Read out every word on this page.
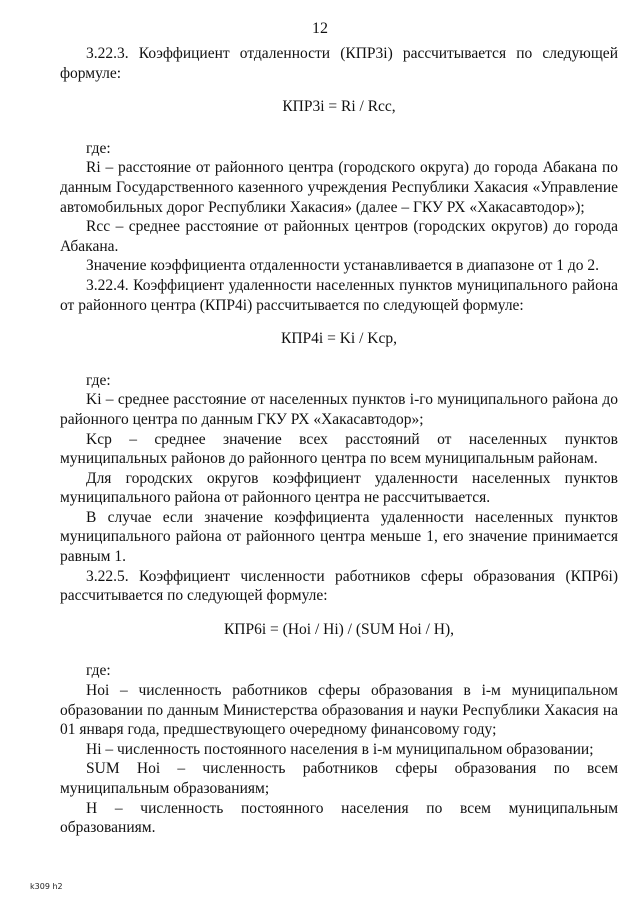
12

3.22.3. Коэффициент отдаленности (КПР3i) рассчитывается по следующей формуле:

КПР3i = Ri / Rcc,

где:

Ri – расстояние от районного центра (городского округа) до города Абакана по данным Государственного казенного учреждения Республики Хакасия «Управление автомобильных дорог Республики Хакасия» (далее – ГКУ РХ «Хакасавтодор»);

Rcc – среднее расстояние от районных центров (городских округов) до города Абакана.

Значение коэффициента отдаленности устанавливается в диапазоне от 1 до 2.

3.22.4. Коэффициент удаленности населенных пунктов муниципального района от районного центра (КПР4i) рассчитывается по следующей формуле:

КПР4i = Ki / Kcp,

где:

Ki – среднее расстояние от населенных пунктов i-го муниципального района до районного центра по данным ГКУ РХ «Хакасавтодор»;

Kcp – среднее значение всех расстояний от населенных пунктов муниципальных районов до районного центра по всем муниципальным районам.

Для городских округов коэффициент удаленности населенных пунктов муниципального района от районного центра не рассчитывается.

В случае если значение коэффициента удаленности населенных пунктов муниципального района от районного центра меньше 1, его значение принимается равным 1.

3.22.5. Коэффициент численности работников сферы образования (КПР6i) рассчитывается по следующей формуле:

КПР6i = (Hoi / Hi) / (SUM Hoi / H),

где:

Hoi – численность работников сферы образования в i-м муниципальном образовании по данным Министерства образования и науки Республики Хакасия на 01 января года, предшествующего очередному финансовому году;

Hi – численность постоянного населения в i-м муниципальном образовании;

SUM Hoi – численность работников сферы образования по всем муниципальным образованиям;

H – численность постоянного населения по всем муниципальным образованиям.

k309 h2
